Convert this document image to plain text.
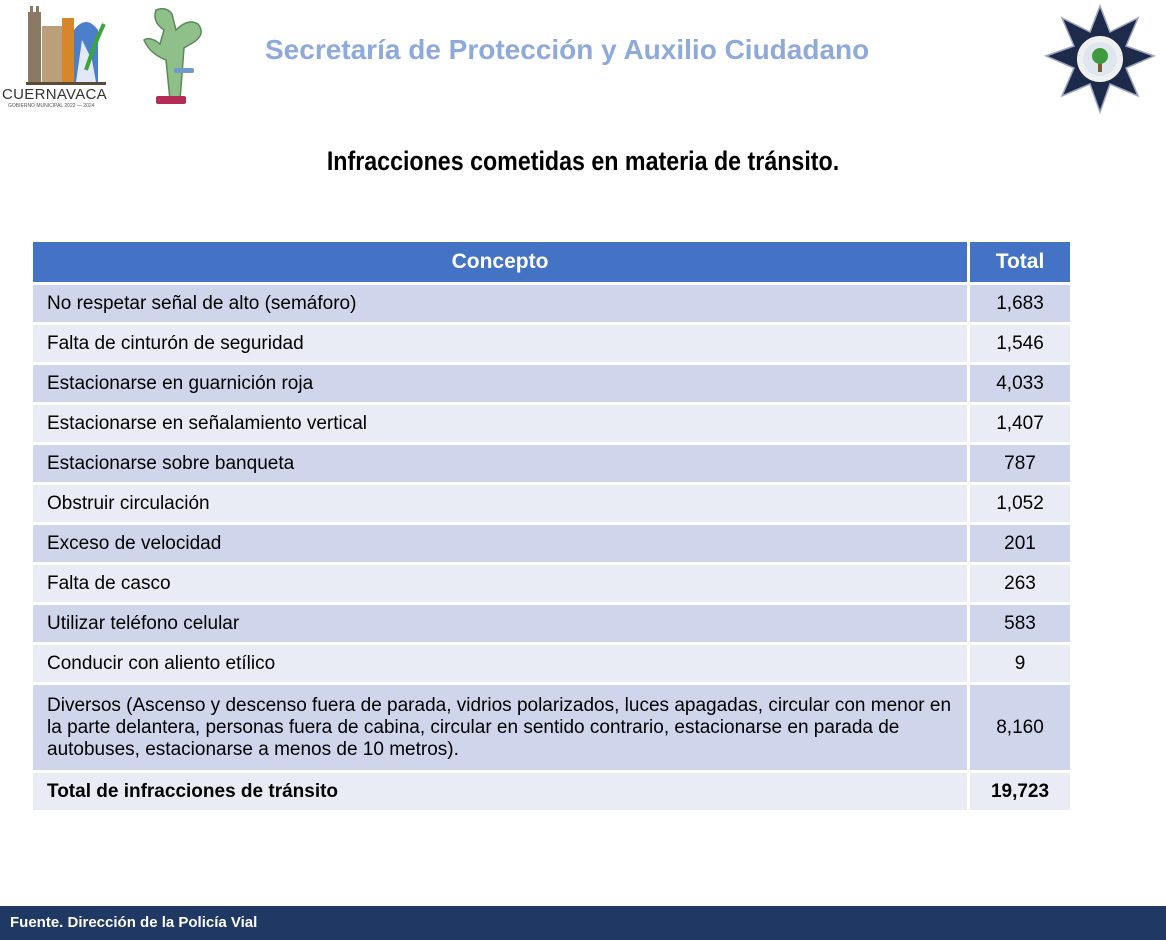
CUERNAVACA
GOBIERNO MUNICIPAL 2022 — 2024
Secretaría de Protección y Auxilio Ciudadano
Infracciones cometidas en materia de tránsito.
Concepto	Total
No respetar señal de alto (semáforo)	1,683
Falta de cinturón de seguridad	1,546
Estacionarse en guarnición roja	4,033
Estacionarse en señalamiento vertical	1,407
Estacionarse sobre banqueta	787
Obstruir circulación	1,052
Exceso de velocidad	201
Falta de casco	263
Utilizar teléfono celular	583
Conducir con aliento etílico	9
Diversos (Ascenso y descenso fuera de parada, vidrios polarizados, luces apagadas, circular con menor en la parte delantera, personas fuera de cabina, circular en sentido contrario, estacionarse en parada de autobuses, estacionarse a menos de 10 metros).	8,160
Total de infracciones de tránsito	19,723
Fuente. Dirección de la Policía Vial
